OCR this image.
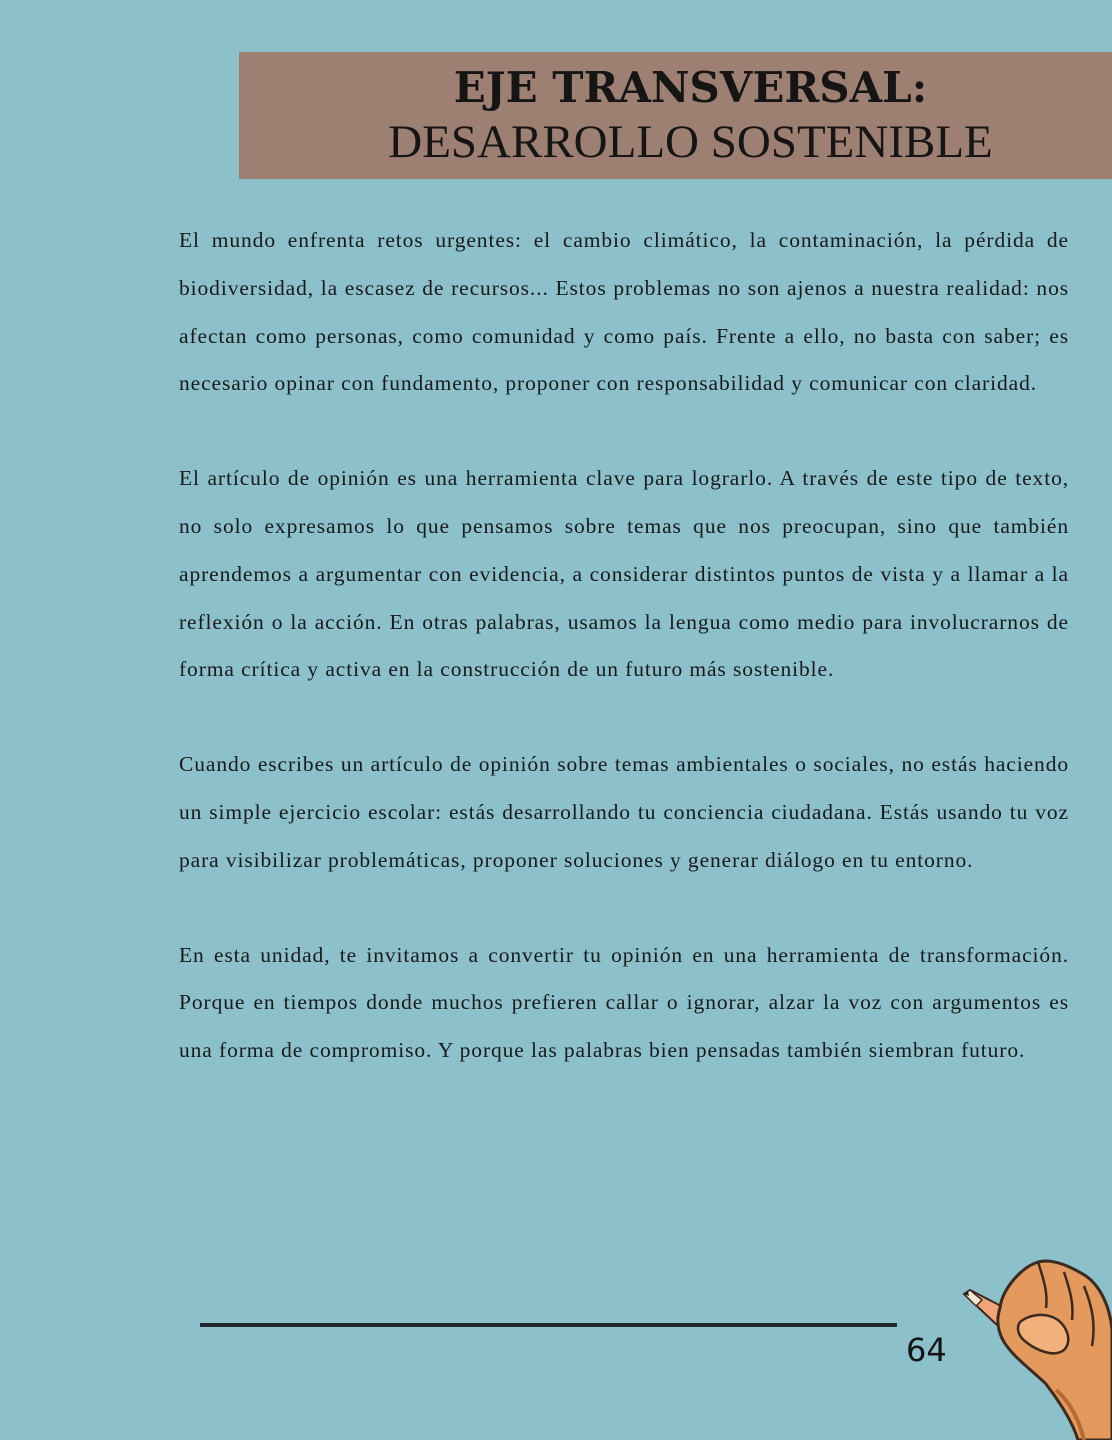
EJE TRANSVERSAL:
DESARROLLO SOSTENIBLE

El mundo enfrenta retos urgentes: el cambio climático, la contaminación, la pérdida de biodiversidad, la escasez de recursos... Estos problemas no son ajenos a nuestra realidad: nos afectan como personas, como comunidad y como país. Frente a ello, no basta con saber; es necesario opinar con fundamento, proponer con responsabilidad y comunicar con claridad.

El artículo de opinión es una herramienta clave para lograrlo. A través de este tipo de texto, no solo expresamos lo que pensamos sobre temas que nos preocupan, sino que también aprendemos a argumentar con evidencia, a considerar distintos puntos de vista y a llamar a la reflexión o la acción. En otras palabras, usamos la lengua como medio para involucrarnos de forma crítica y activa en la construcción de un futuro más sostenible.

Cuando escribes un artículo de opinión sobre temas ambientales o sociales, no estás haciendo un simple ejercicio escolar: estás desarrollando tu conciencia ciudadana. Estás usando tu voz para visibilizar problemáticas, proponer soluciones y generar diálogo en tu entorno.

En esta unidad, te invitamos a convertir tu opinión en una herramienta de transformación. Porque en tiempos donde muchos prefieren callar o ignorar, alzar la voz con argumentos es una forma de compromiso. Y porque las palabras bien pensadas también siembran futuro.

64
